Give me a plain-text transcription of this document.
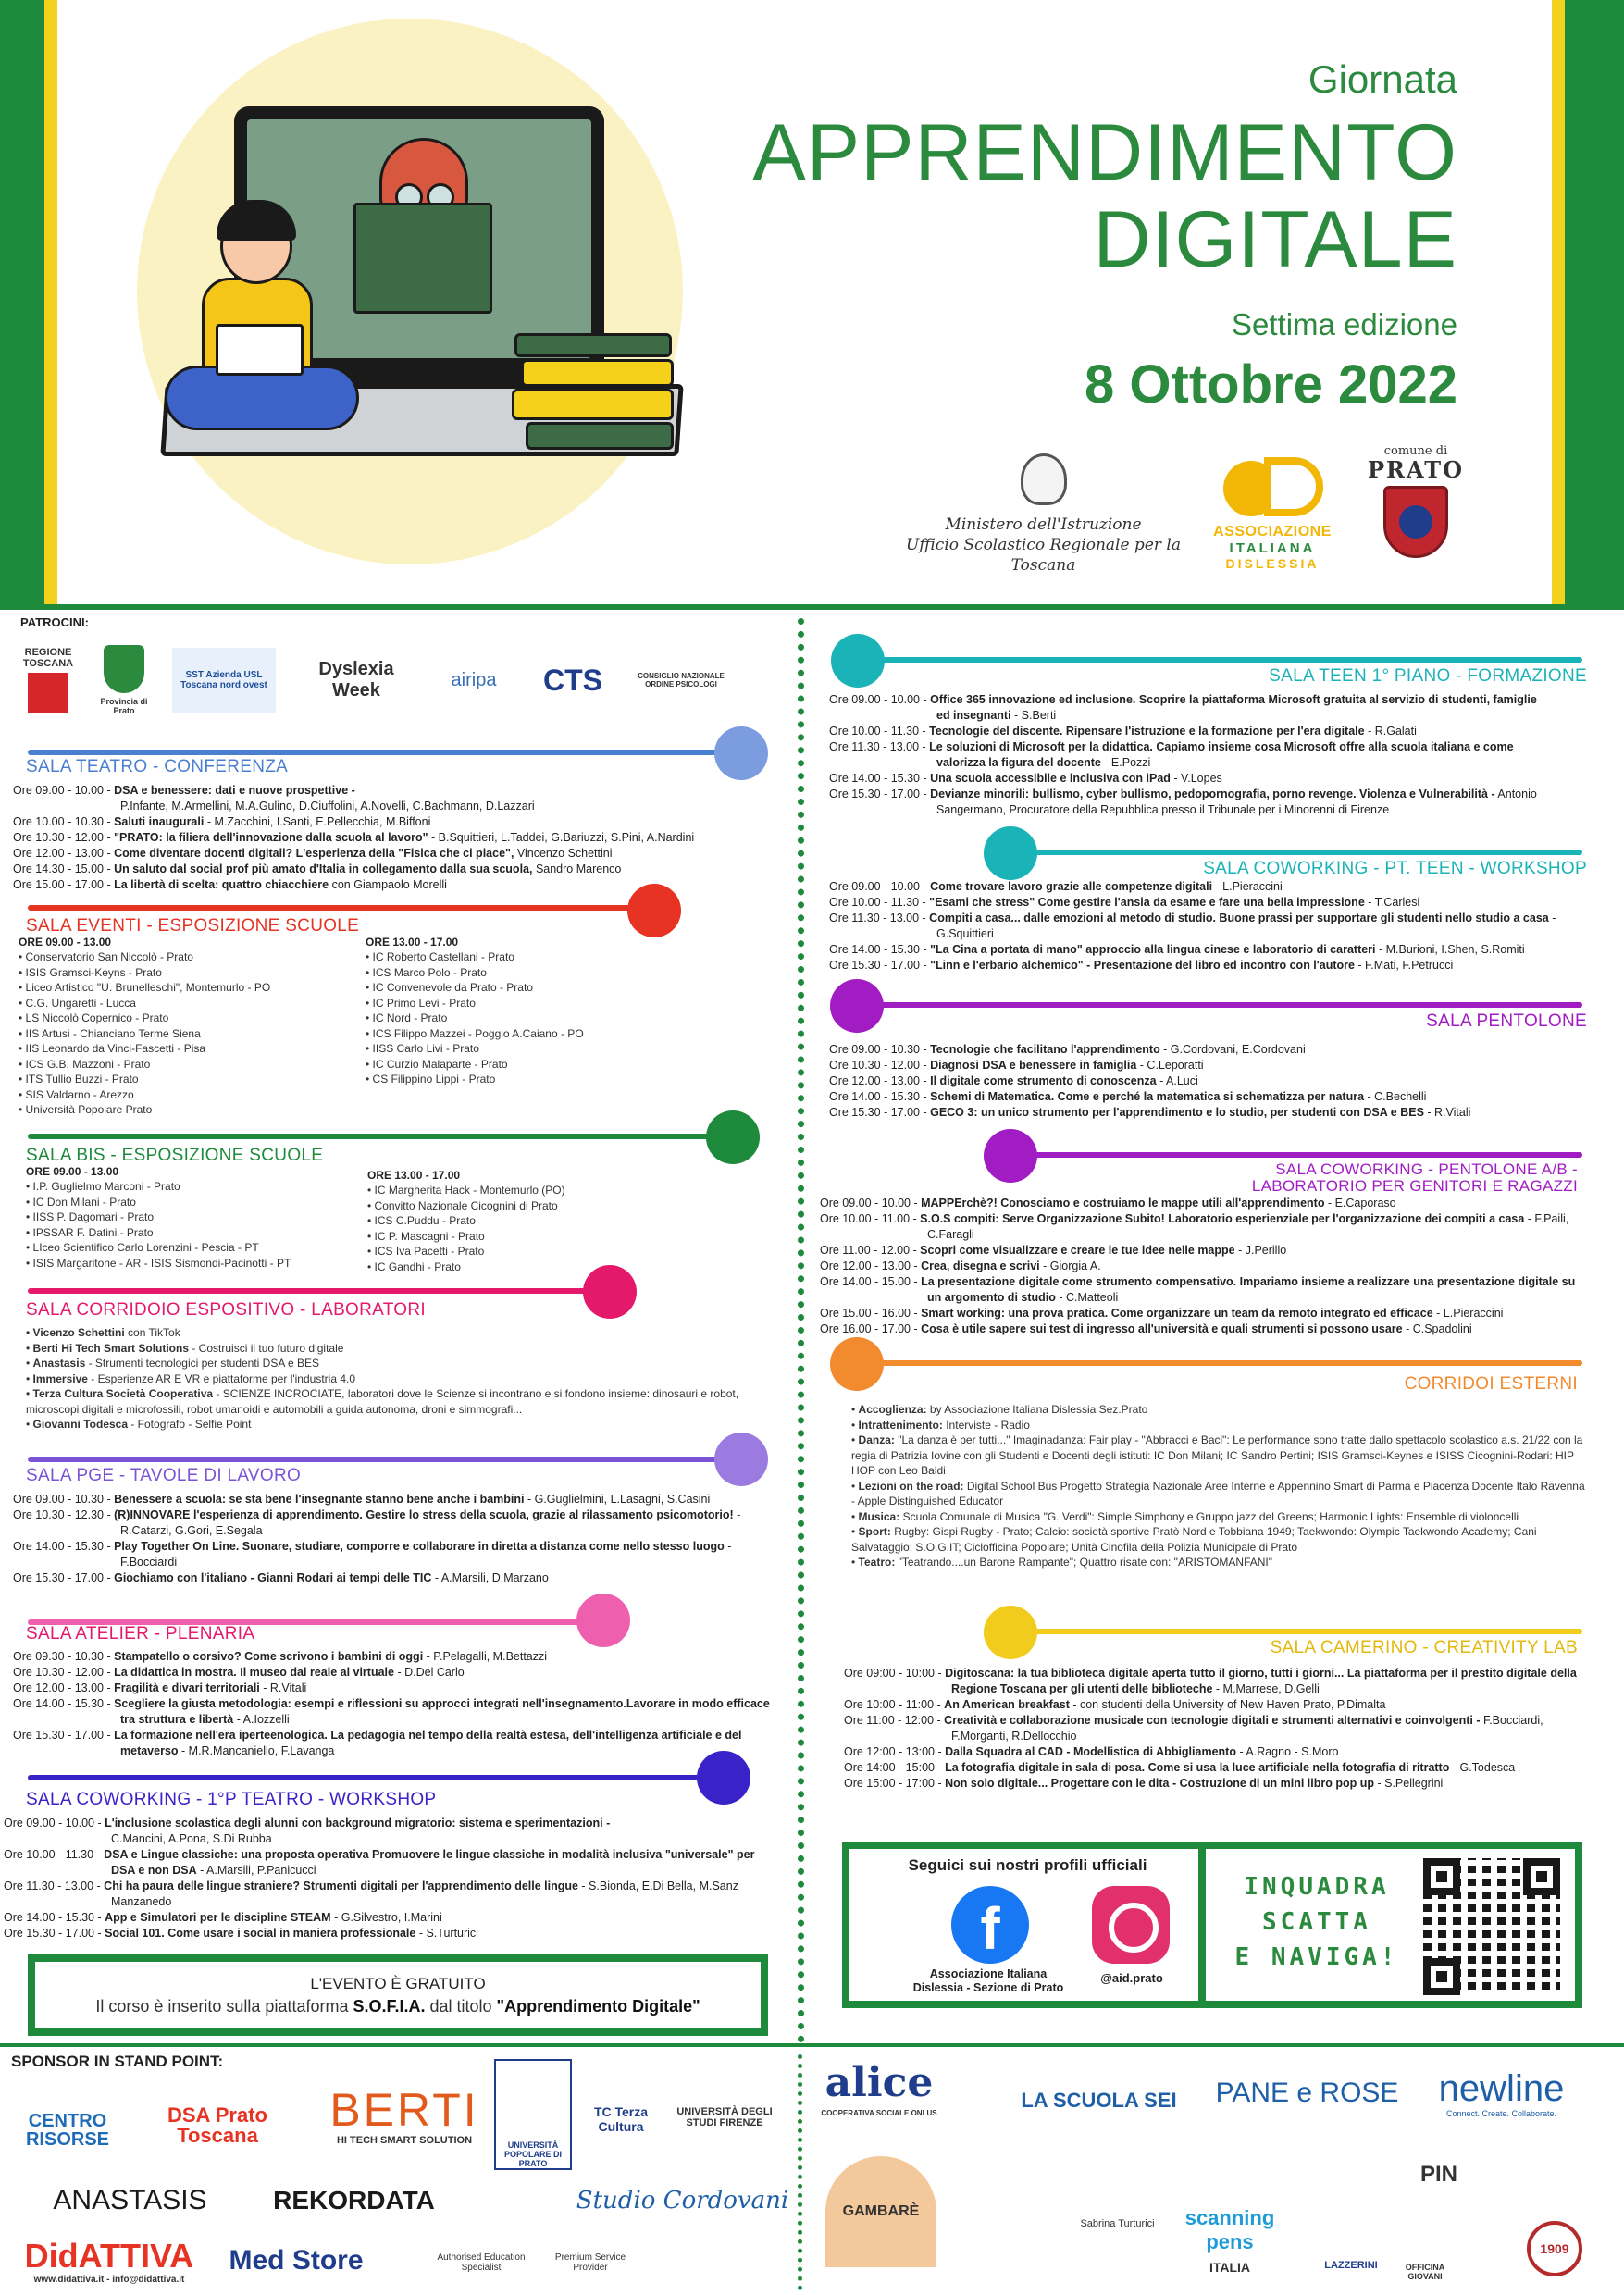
Giornata
APPRENDIMENTO
DIGITALE
Settima edizione
8 Ottobre 2022
Ministero dell'Istruzione
Ufficio Scolastico Regionale per la Toscana
ASSOCIAZIONE
ITALIANA
DISLESSIA
comune di
PRATO
PATROCINI:
REGIONE TOSCANA
Provincia di Prato
SST Azienda USL Toscana nord ovest
Dyslexia Week
airipa CTS	CONSIGLIO NAZIONALE ORDINE PSICOLOGI
SALA TEATRO - CONFERENZA
Ore 09.00 - 10.00 - DSA e benessere: dati e nuove prospettive -
P.Infante, M.Armellini, M.A.Gulino, D.Ciuffolini, A.Novelli, C.Bachmann, D.Lazzari
Ore 10.00 - 10.30 - Saluti inaugurali - M.Zacchini, I.Santi, E.Pellecchia, M.Biffoni
Ore 10.30 - 12.00 - "PRATO: la filiera dell'innovazione dalla scuola al lavoro" - B.Squittieri, L.Taddei, G.Bariuzzi, S.Pini, A.Nardini
Ore 12.00 - 13.00 - Come diventare docenti digitali? L'esperienza della "Fisica che ci piace", Vincenzo Schettini
Ore 14.30 - 15.00 - Un saluto dal social prof più amato d'Italia in collegamento dalla sua scuola, Sandro Marenco
Ore 15.00 - 17.00 - La libertà di scelta: quattro chiacchiere con Giampaolo Morelli
SALA EVENTI - ESPOSIZIONE SCUOLE
ORE 09.00 - 13.00
• Conservatorio San Niccolò - Prato
• ISIS Gramsci-Keyns - Prato
• Liceo Artistico "U. Brunelleschi", Montemurlo - PO
• C.G. Ungaretti - Lucca
• LS Niccolò Copernico - Prato
• IIS Artusi - Chianciano Terme Siena
• IIS Leonardo da Vinci-Fascetti - Pisa
• ICS G.B. Mazzoni - Prato
• ITS Tullio Buzzi - Prato
• SIS Valdarno - Arezzo
• Università Popolare Prato
ORE 13.00 - 17.00
• IC Roberto Castellani - Prato
• ICS Marco Polo - Prato
• IC Convenevole da Prato - Prato
• IC Primo Levi - Prato
• IC Nord - Prato
• ICS Filippo Mazzei - Poggio A.Caiano - PO
• IISS Carlo Livi - Prato
• IC Curzio Malaparte - Prato
• CS Filippino Lippi - Prato
SALA BIS - ESPOSIZIONE SCUOLE
ORE 09.00 - 13.00
• I.P. Guglielmo Marconi - Prato
• IC Don Milani - Prato
• IISS P. Dagomari - Prato
• IPSSAR F. Datini - Prato
• LIceo Scientifico Carlo Lorenzini - Pescia - PT
• ISIS Margaritone - AR - ISIS Sismondi-Pacinotti - PT
ORE 13.00 - 17.00
• IC Margherita Hack - Montemurlo (PO)
• Convitto Nazionale Cicognini di Prato
• ICS C.Puddu - Prato
• IC P. Mascagni - Prato
• ICS Iva Pacetti - Prato
• IC Gandhi - Prato
SALA CORRIDOIO ESPOSITIVO - LABORATORI
• Vicenzo Schettini con TikTok
• Berti Hi Tech Smart Solutions - Costruisci il tuo futuro digitale
• Anastasis - Strumenti tecnologici per studenti DSA e BES
• Immersive - Esperienze AR E VR e piattaforme per l'industria 4.0
• Terza Cultura Società Cooperativa - SCIENZE INCROCIATE, laboratori dove le Scienze si incontrano e si fondono insieme: dinosauri e robot, microscopi digitali e microfossili, robot umanoidi e automobili a guida autonoma, droni e simmografi...
• Giovanni Todesca - Fotografo - Selfie Point
SALA PGE - TAVOLE DI LAVORO
Ore 09.00 - 10.30 - Benessere a scuola: se sta bene l'insegnante stanno bene anche i bambini - G.Guglielmini, L.Lasagni, S.Casini
Ore 10.30 - 12.30 - (R)INNOVARE l'esperienza di apprendimento. Gestire lo stress della scuola, grazie al rilassamento psicomotorio! - R.Catarzi, G.Gori, E.Segala
Ore 14.00 - 15.30 - Play Together On Line. Suonare, studiare, comporre e collaborare in diretta a distanza come nello stesso luogo - F.Bocciardi
Ore 15.30 - 17.00 - Giochiamo con l'italiano - Gianni Rodari ai tempi delle TIC - A.Marsili, D.Marzano
SALA ATELIER - PLENARIA
Ore 09.30 - 10.30 - Stampatello o corsivo? Come scrivono i bambini di oggi - P.Pelagalli, M.Bettazzi
Ore 10.30 - 12.00 - La didattica in mostra. Il museo dal reale al virtuale - D.Del Carlo
Ore 12.00 - 13.00 - Fragilità e divari territoriali - R.Vitali
Ore 14.00 - 15.30 - Scegliere la giusta metodologia: esempi e riflessioni su approcci integrati nell'insegnamento.Lavorare in modo efficace tra struttura e libertà - A.Iozzelli
Ore 15.30 - 17.00 - La formazione nell'era iperteenologica. La pedagogia nel tempo della realtà estesa, dell'intelligenza artificiale e del metaverso - M.R.Mancaniello, F.Lavanga
SALA COWORKING - 1°P TEATRO - WORKSHOP
Ore 09.00 - 10.00 - L'inclusione scolastica degli alunni con background migratorio: sistema e sperimentazioni -
C.Mancini, A.Pona, S.Di Rubba
Ore 10.00 - 11.30 - DSA e Lingue classiche: una proposta operativa Promuovere le lingue classiche in modalità inclusiva "universale" per DSA e non DSA - A.Marsili, P.Panicucci
Ore 11.30 - 13.00 - Chi ha paura delle lingue straniere? Strumenti digitali per l'apprendimento delle lingue - S.Bionda, E.Di Bella, M.Sanz Manzanedo
Ore 14.00 - 15.30 - App e Simulatori per le discipline STEAM - G.Silvestro, I.Marini
Ore 15.30 - 17.00 - Social 101. Come usare i social in maniera professionale - S.Turturici
L'EVENTO È GRATUITO
Il corso è inserito sulla piattaforma S.O.F.I.A. dal titolo "Apprendimento Digitale"
SALA TEEN 1° PIANO - FORMAZIONE
Ore 09.00 - 10.00 - Office 365 innovazione ed inclusione. Scoprire la piattaforma Microsoft gratuita al servizio di studenti, famiglie ed insegnanti - S.Berti
Ore 10.00 - 11.30 - Tecnologie del discente. Ripensare l'istruzione e la formazione per l'era digitale - R.Galati
Ore 11.30 - 13.00 - Le soluzioni di Microsoft per la didattica. Capiamo insieme cosa Microsoft offre alla scuola italiana e come valorizza la figura del docente - E.Pozzi
Ore 14.00 - 15.30 - Una scuola accessibile e inclusiva con iPad - V.Lopes
Ore 15.30 - 17.00 - Devianze minorili: bullismo, cyber bullismo, pedopornografia, porno revenge. Violenza e Vulnerabilità - Antonio Sangermano, Procuratore della Repubblica presso il Tribunale per i Minorenni di Firenze
SALA COWORKING - PT. TEEN - WORKSHOP
Ore 09.00 - 10.00 - Come trovare lavoro grazie alle competenze digitali - L.Pieraccini
Ore 10.00 - 11.30 - "Esami che stress" Come gestire l'ansia da esame e fare una bella impressione - T.Carlesi
Ore 11.30 - 13.00 - Compiti a casa... dalle emozioni al metodo di studio. Buone prassi per supportare gli studenti nello studio a casa - G.Squittieri
Ore 14.00 - 15.30 - "La Cina a portata di mano" approccio alla lingua cinese e laboratorio di caratteri - M.Burioni, I.Shen, S.Romiti
Ore 15.30 - 17.00 - "Linn e l'erbario alchemico" - Presentazione del libro ed incontro con l'autore - F.Mati, F.Petrucci
SALA PENTOLONE
Ore 09.00 - 10.30 - Tecnologie che facilitano l'apprendimento - G.Cordovani, E.Cordovani
Ore 10.30 - 12.00 - Diagnosi DSA e benessere in famiglia - C.Leporatti
Ore 12.00 - 13.00 - Il digitale come strumento di conoscenza - A.Luci
Ore 14.00 - 15.30 - Schemi di Matematica. Come e perché la matematica si schematizza per natura - C.Bechelli
Ore 15.30 - 17.00 - GECO 3: un unico strumento per l'apprendimento e lo studio, per studenti con DSA e BES - R.Vitali
SALA COWORKING - PENTOLONE A/B -
LABORATORIO PER GENITORI E RAGAZZI
Ore 09.00 - 10.00 - MAPPErchè?! Conosciamo e costruiamo le mappe utili all'apprendimento - E.Caporaso
Ore 10.00 - 11.00 - S.O.S compiti: Serve Organizzazione Subito! Laboratorio esperienziale per l'organizzazione dei compiti a casa - F.Paili, C.Faragli
Ore 11.00 - 12.00 - Scopri come visualizzare e creare le tue idee nelle mappe - J.Perillo
Ore 12.00 - 13.00 - Crea, disegna e scrivi - Giorgia A.
Ore 14.00 - 15.00 - La presentazione digitale come strumento compensativo. Impariamo insieme a realizzare una presentazione digitale su un argomento di studio - C.Matteoli
Ore 15.00 - 16.00 - Smart working: una prova pratica. Come organizzare un team da remoto integrato ed efficace - L.Pieraccini
Ore 16.00 - 17.00 - Cosa è utile sapere sui test di ingresso all'università e quali strumenti si possono usare - C.Spadolini
CORRIDOI ESTERNI
• Accoglienza: by Associazione Italiana Dislessia Sez.Prato
• Intrattenimento: Interviste - Radio
• Danza: "La danza è per tutti..." Imaginadanza: Fair play - "Abbracci e Baci": Le performance sono tratte dallo spettacolo scolastico a.s. 21/22 con la regia di Patrizia Iovine con gli Studenti e Docenti degli istituti: IC Don Milani; IC Sandro Pertini; ISIS Gramsci-Keynes e ISISS Cicognini-Rodari: HIP HOP con Leo Baldi
• Lezioni on the road: Digital School Bus Progetto Strategia Nazionale Aree Interne e Appennino Smart di Parma e Piacenza Docente Italo Ravenna - Apple Distinguished Educator
• Musica: Scuola Comunale di Musica "G. Verdi": Simple Simphony e Gruppo jazz del Greens; Harmonic Lights: Ensemble di violoncelli
• Sport: Rugby: Gispi Rugby - Prato; Calcio: società sportive Pratò Nord e Tobbiana 1949; Taekwondo: Olympic Taekwondo Academy; Cani Salvataggio: S.O.G.IT; Ciclofficina Popolare; Unità Cinofila della Polizia Municipale di Prato
• Teatro: "Teatrando....un Barone Rampante"; Quattro risate con: "ARISTOMANFANI"
SALA CAMERINO - CREATIVITY LAB
Ore 09:00 - 10:00 - Digitoscana: la tua biblioteca digitale aperta tutto il giorno, tutti i giorni... La piattaforma per il prestito digitale della Regione Toscana per gli utenti delle biblioteche - M.Marrese, D.Gelli
Ore 10:00 - 11:00 - An American breakfast - con studenti della University of New Haven Prato, P.Dimalta
Ore 11:00 - 12:00 - Creatività e collaborazione musicale con tecnologie digitali e strumenti alternativi e coinvolgenti - F.Bocciardi, F.Morganti, R.Dellocchio
Ore 12:00 - 13:00 - Dalla Squadra al CAD - Modellistica di Abbigliamento - A.Ragno - S.Moro
Ore 14:00 - 15:00 - La fotografia digitale in sala di posa. Come si usa la luce artificiale nella fotografia di ritratto - G.Todesca
Ore 15:00 - 17:00 - Non solo digitale... Progettare con le dita - Costruzione di un mini libro pop up - S.Pellegrini
Seguici sui nostri profili ufficiali
f
Associazione Italiana Dislessia - Sezione di Prato
@aid.prato
INQUADRA
SCATTA
E NAVIGA!
SPONSOR IN STAND POINT:
CENTRO RISORSE
DSA Prato Toscana	BERTI
HI TECH SMART SOLUTION	UNIVERSITÀ POPOLARE DI PRATO
TC Terza Cultura
UNIVERSITÀ DEGLI STUDI FIRENZE
ANASTASIS	REKORDATA	Studio Cordovani
DidATTIVA
www.didattiva.it - info@didattiva.it
Med Store	Authorised Education Specialist
Premium Service Provider
alice
COOPERATIVA SOCIALE ONLUS
LA SCUOLA SEI	PANE e ROSE	newline
Connect. Create. Collaborate.
GAMBARÈ
Sabrina Turturici	scanning pens
ITALIA	LAZZERINI	OFFICINA GIOVANI
PIN
1909
